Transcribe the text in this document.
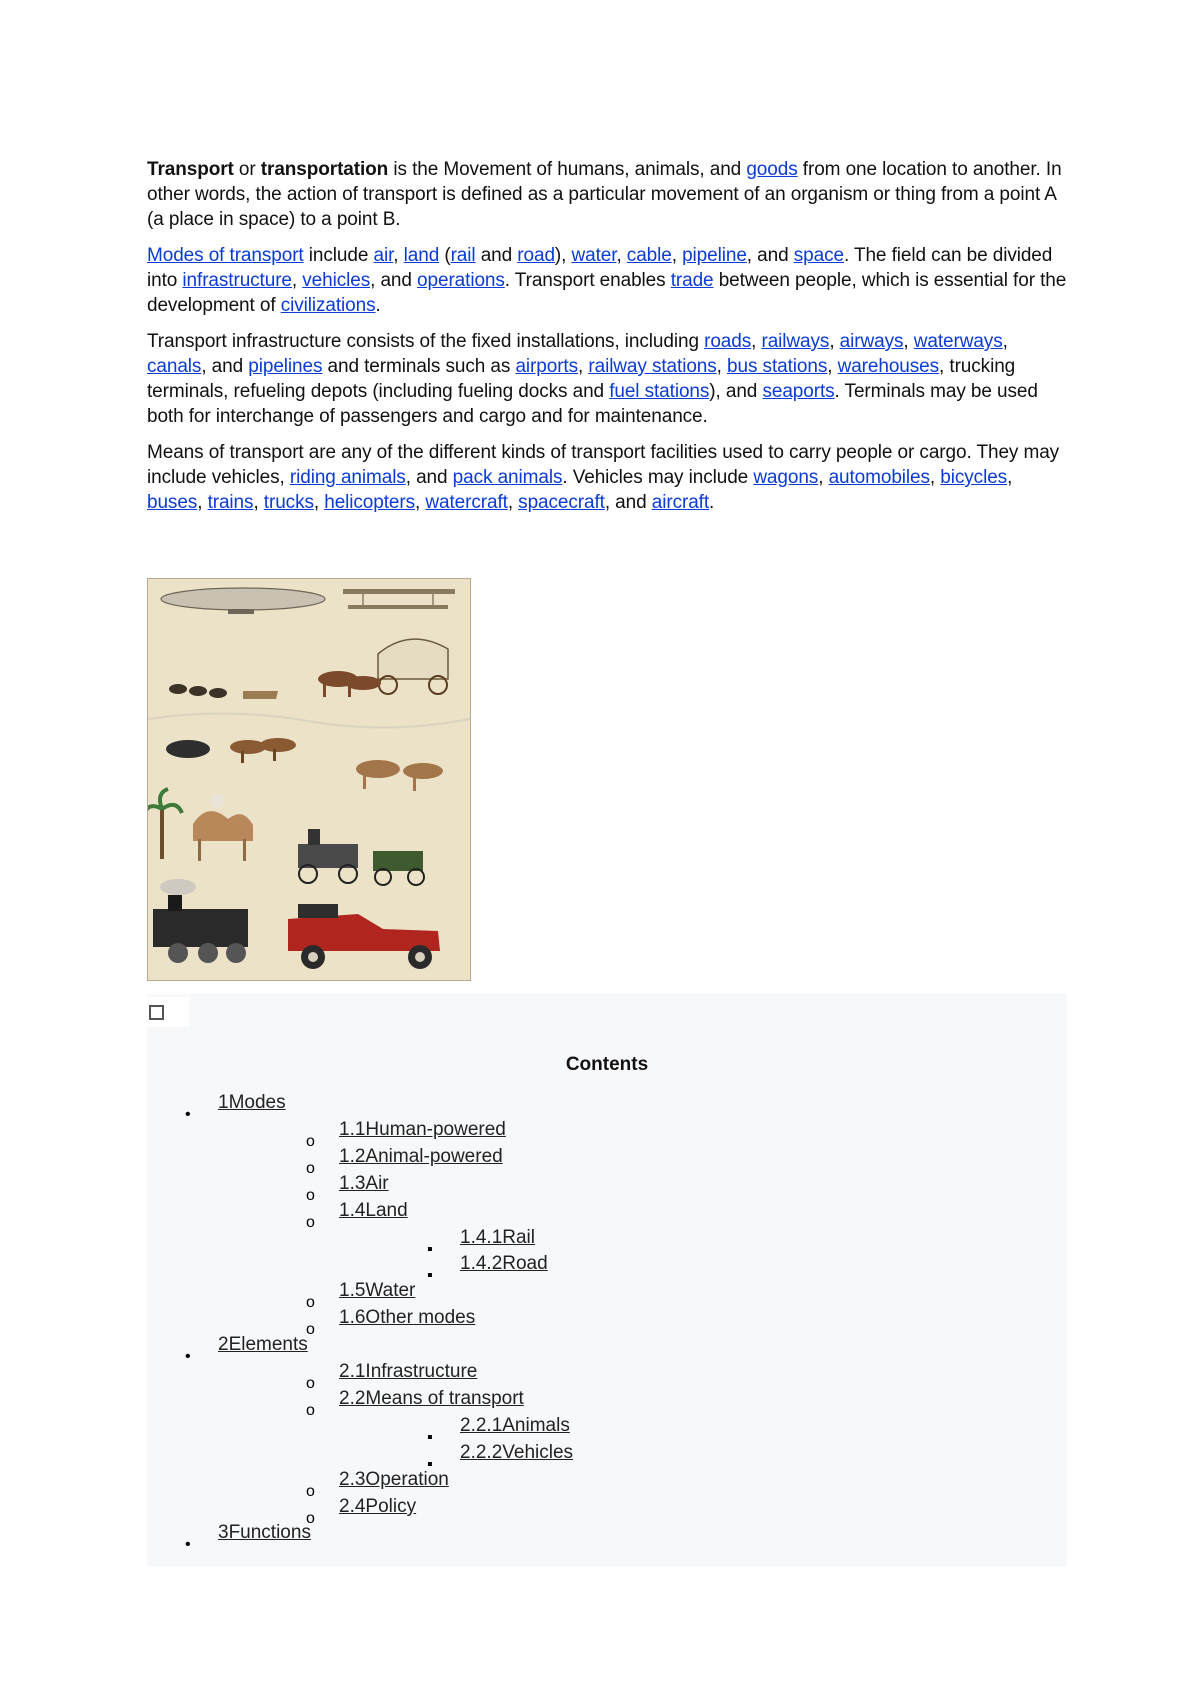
Transport or transportation is the Movement of humans, animals, and goods from one location to another. In other words, the action of transport is defined as a particular movement of an organism or thing from a point A (a place in space) to a point B.

Modes of transport include air, land (rail and road), water, cable, pipeline, and space. The field can be divided into infrastructure, vehicles, and operations. Transport enables trade between people, which is essential for the development of civilizations.

Transport infrastructure consists of the fixed installations, including roads, railways, airways, waterways, canals, and pipelines and terminals such as airports, railway stations, bus stations, warehouses, trucking terminals, refueling depots (including fueling docks and fuel stations), and seaports. Terminals may be used both for interchange of passengers and cargo and for maintenance.

Means of transport are any of the different kinds of transport facilities used to carry people or cargo. They may include vehicles, riding animals, and pack animals. Vehicles may include wagons, automobiles, bicycles, buses, trains, trucks, helicopters, watercraft, spacecraft, and aircraft.

Contents
•
1Modes
o
1.1Human-powered
o
1.2Animal-powered
o
1.3Air
o
1.4Land
▪
1.4.1Rail
▪
1.4.2Road
o
1.5Water
o
1.6Other modes
•
2Elements
o
2.1Infrastructure
o
2.2Means of transport
▪
2.2.1Animals
▪
2.2.2Vehicles
o
2.3Operation
o
2.4Policy
•
3Functions
